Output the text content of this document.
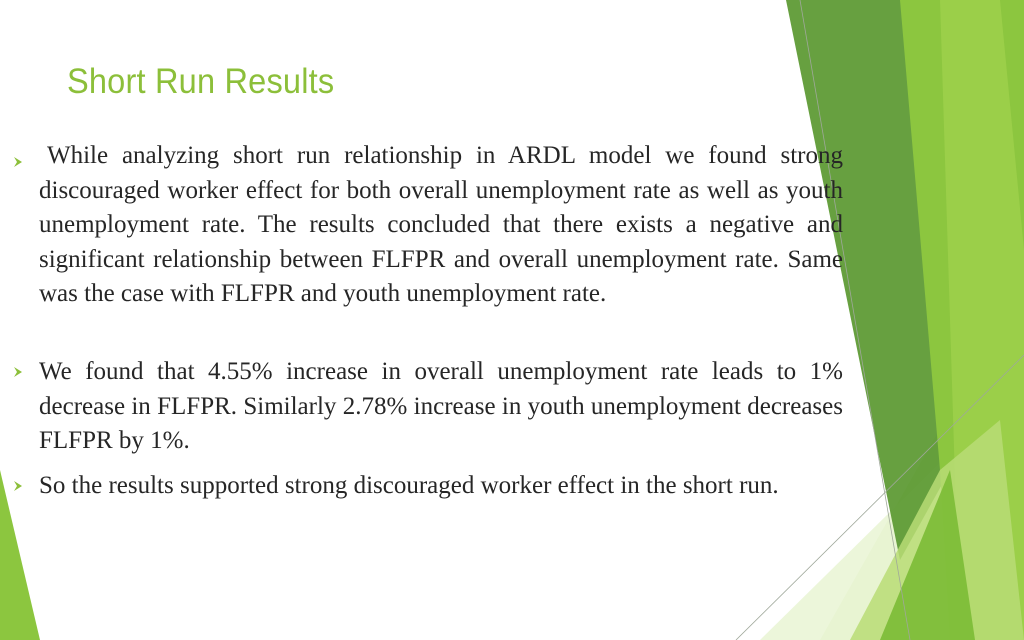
Short Run Results
While analyzing short run relationship in ARDL model we found strong discouraged worker effect for both overall unemployment rate as well as youth unemployment rate. The results concluded that there exists a negative and significant relationship between FLFPR and overall unemployment rate. Same was the case with FLFPR and youth unemployment rate.
We found that 4.55% increase in overall unemployment rate leads to 1% decrease in FLFPR. Similarly 2.78% increase in youth unemployment decreases FLFPR by 1%.
So the results supported strong discouraged worker effect in the short run.
